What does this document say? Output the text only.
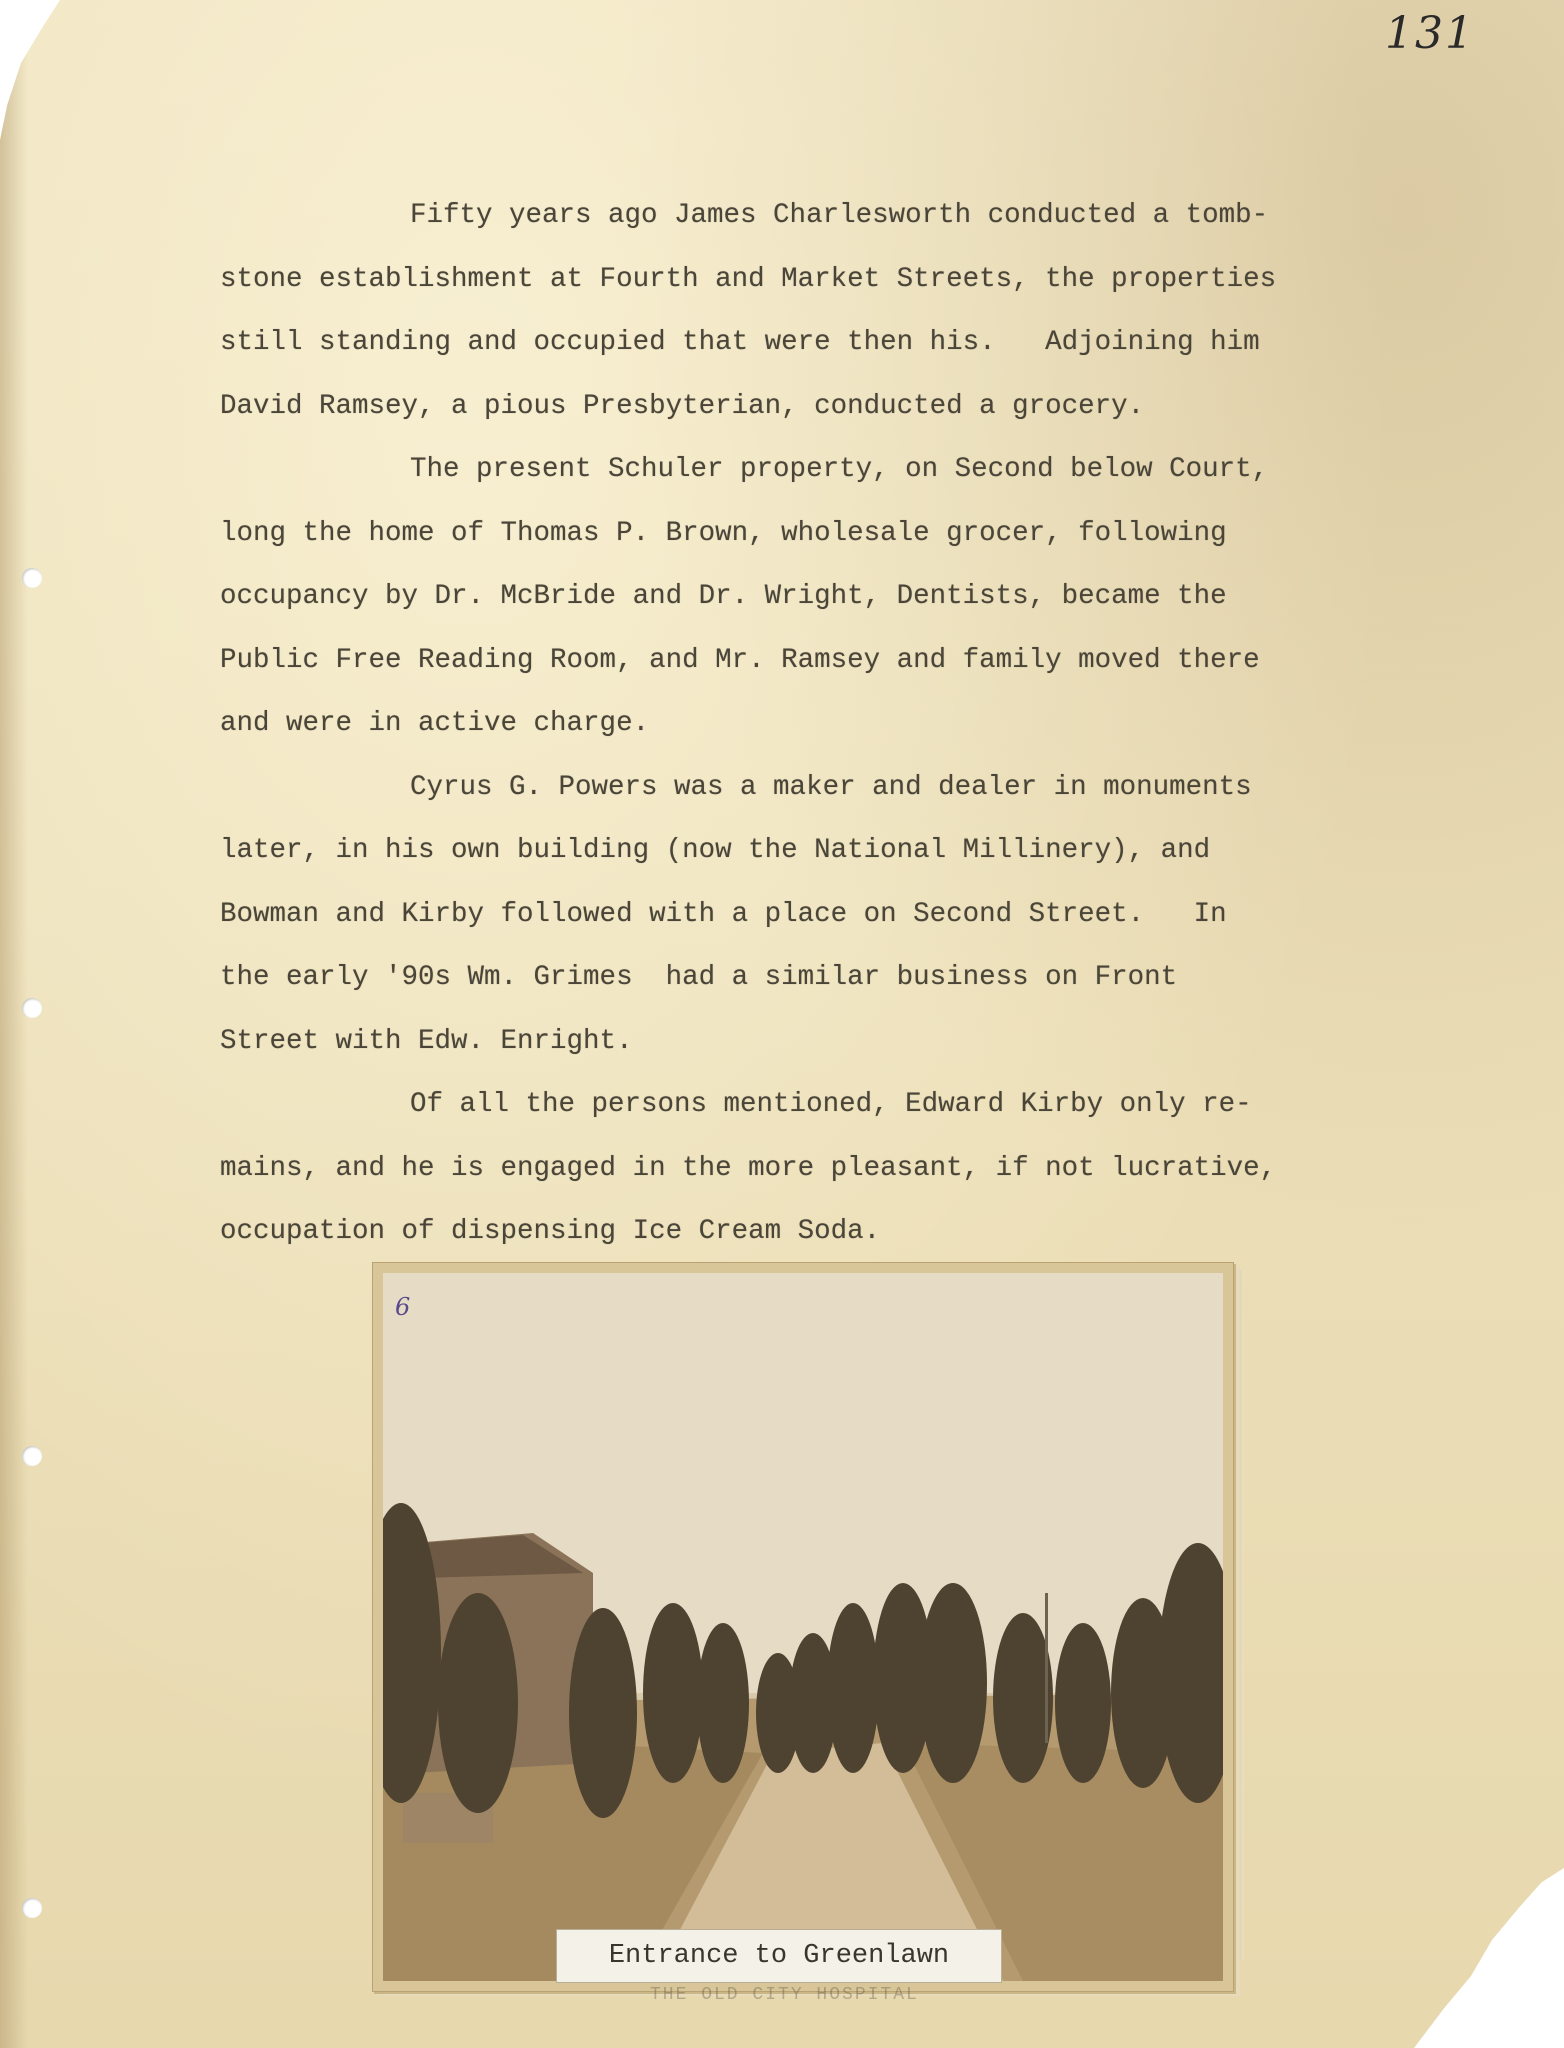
131
Fifty years ago James Charlesworth conducted a tomb-
stone establishment at Fourth and Market Streets, the properties
still standing and occupied that were then his.   Adjoining him
David Ramsey, a pious Presbyterian, conducted a grocery.
The present Schuler property, on Second below Court,
long the home of Thomas P. Brown, wholesale grocer, following
occupancy by Dr. McBride and Dr. Wright, Dentists, became the
Public Free Reading Room, and Mr. Ramsey and family moved there
and were in active charge.
Cyrus G. Powers was a maker and dealer in monuments
later, in his own building (now the National Millinery), and
Bowman and Kirby followed with a place on Second Street.   In
the early '90s Wm. Grimes  had a similar business on Front
Street with Edw. Enright.
Of all the persons mentioned, Edward Kirby only re-
mains, and he is engaged in the more pleasant, if not lucrative,
occupation of dispensing Ice Cream Soda.
6
Entrance to Greenlawn
THE OLD CITY HOSPITAL
